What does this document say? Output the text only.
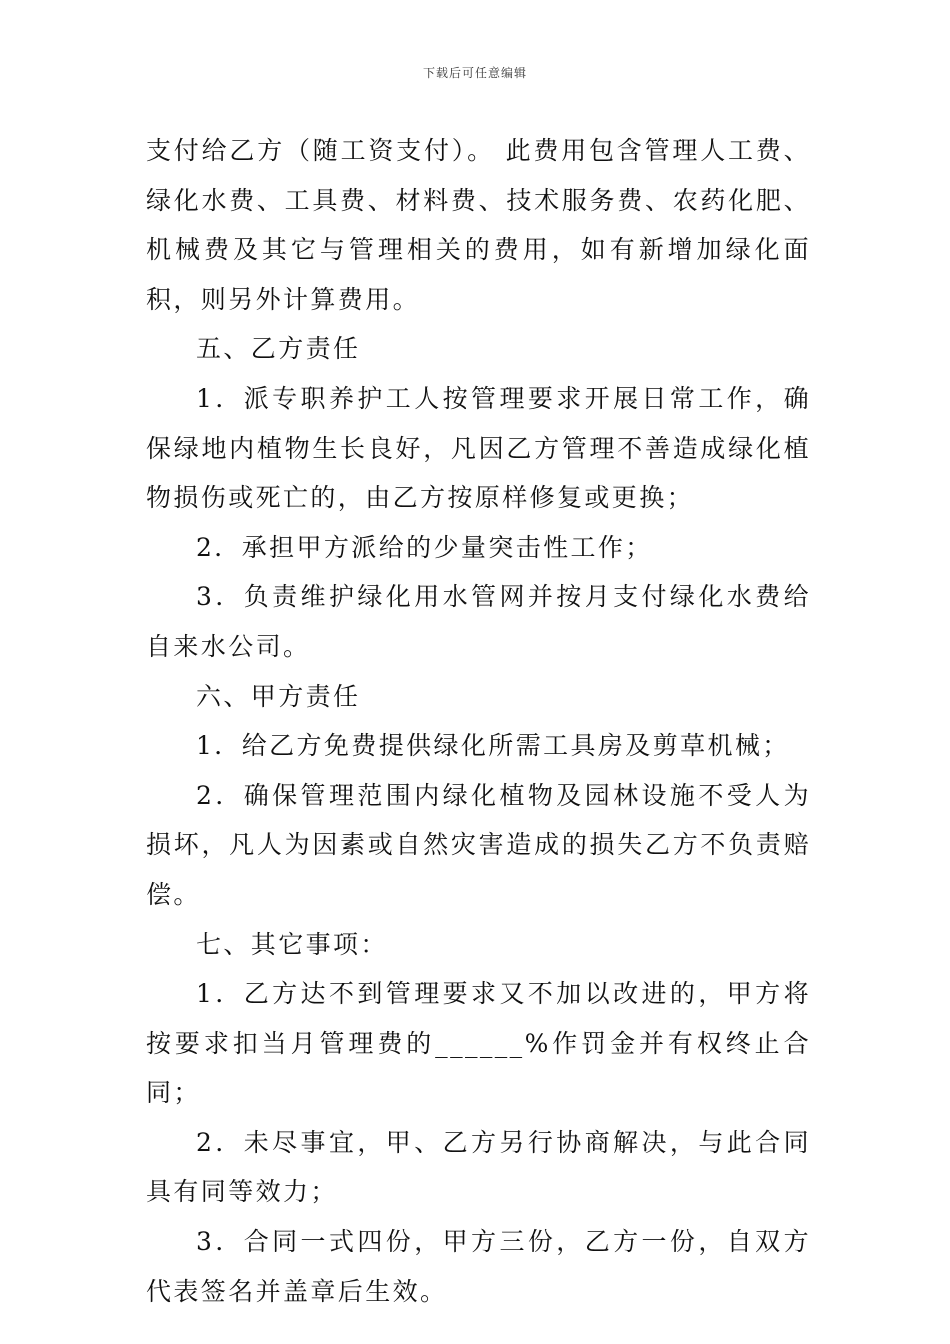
下载后可任意编辑

支付给乙方（随工资支付）。 此费用包含管理人工费、绿化水费、工具费、材料费、技术服务费、农药化肥、机械费及其它与管理相关的费用，如有新增加绿化面积，则另外计算费用。

五、乙方责任

1．派专职养护工人按管理要求开展日常工作，确保绿地内植物生长良好，凡因乙方管理不善造成绿化植物损伤或死亡的，由乙方按原样修复或更换；

2．承担甲方派给的少量突击性工作；

3．负责维护绿化用水管网并按月支付绿化水费给自来水公司。

六、甲方责任

1．给乙方免费提供绿化所需工具房及剪草机械；

2．确保管理范围内绿化植物及园林设施不受人为损坏，凡人为因素或自然灾害造成的损失乙方不负责赔偿。

七、其它事项：

1．乙方达不到管理要求又不加以改进的，甲方将按要求扣当月管理费的______%作罚金并有权终止合同；

2．未尽事宜，甲、乙方另行协商解决，与此合同具有同等效力；

3．合同一式四份，甲方三份，乙方一份，自双方代表签名并盖章后生效。
